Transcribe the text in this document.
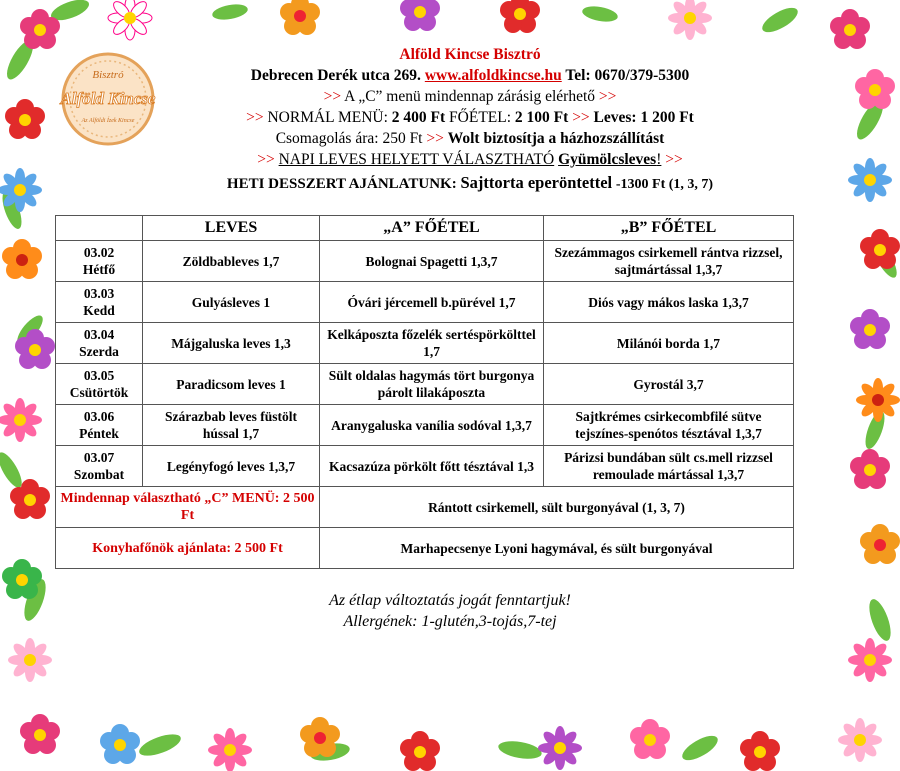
Bisztró
Alföld Kincse
Az Alföldi Ízek Kincse
Alföld Kincse Bisztró
Debrecen Derék utca 269. www.alfoldkincse.hu Tel: 0670/379-5300
>> A „C” menü mindennap zárásig elérhető >>
>> NORMÁL MENÜ: 2 400 Ft FŐÉTEL: 2 100 Ft >> Leves: 1 200 Ft
Csomagolás ára: 250 Ft >> Wolt biztosítja a házhozszállítást
>> NAPI LEVES HELYETT VÁLASZTHATÓ Gyümölcsleves! >>
HETI DESSZERT AJÁNLATUNK: Sajttorta eperöntettel -1300 Ft (1, 3, 7)
	LEVES	„A” FŐÉTEL	„B” FŐÉTEL
03.02
Hétfő	Zöldbableves 1,7	Bolognai Spagetti 1,3,7	Szezámmagos csirkemell rántva rizzsel, sajtmártással 1,3,7
03.03
Kedd	Gulyásleves 1	Óvári jércemell b.pürével 1,7	Diós vagy mákos laska 1,3,7
03.04
Szerda	Májgaluska leves 1,3	Kelkáposzta főzelék sertéspörkölttel 1,7	Milánói borda 1,7
03.05
Csütörtök	Paradicsom leves 1	Sült oldalas hagymás tört burgonya párolt lilakáposzta	Gyrostál 3,7
03.06
Péntek	Szárazbab leves füstölt hússal 1,7	Aranygaluska vanília sodóval 1,3,7	Sajtkrémes csirkecombfilé sütve tejszínes-spenótos tésztával 1,3,7
03.07
Szombat	Legényfogó leves 1,3,7	Kacsazúza pörkölt főtt tésztával 1,3	Párizsi bundában sült cs.mell rizzsel remoulade mártással 1,3,7
Mindennap választható „C” MENÜ: 2 500 Ft		Rántott csirkemell, sült burgonyával (1, 3, 7)	
Konyhafőnök ajánlata: 2 500 Ft		Marhapecsenye Lyoni hagymával, és sült burgonyával	
Az étlap változtatás jogát fenntartjuk!
Allergének: 1-glutén,3-tojás,7-tej
